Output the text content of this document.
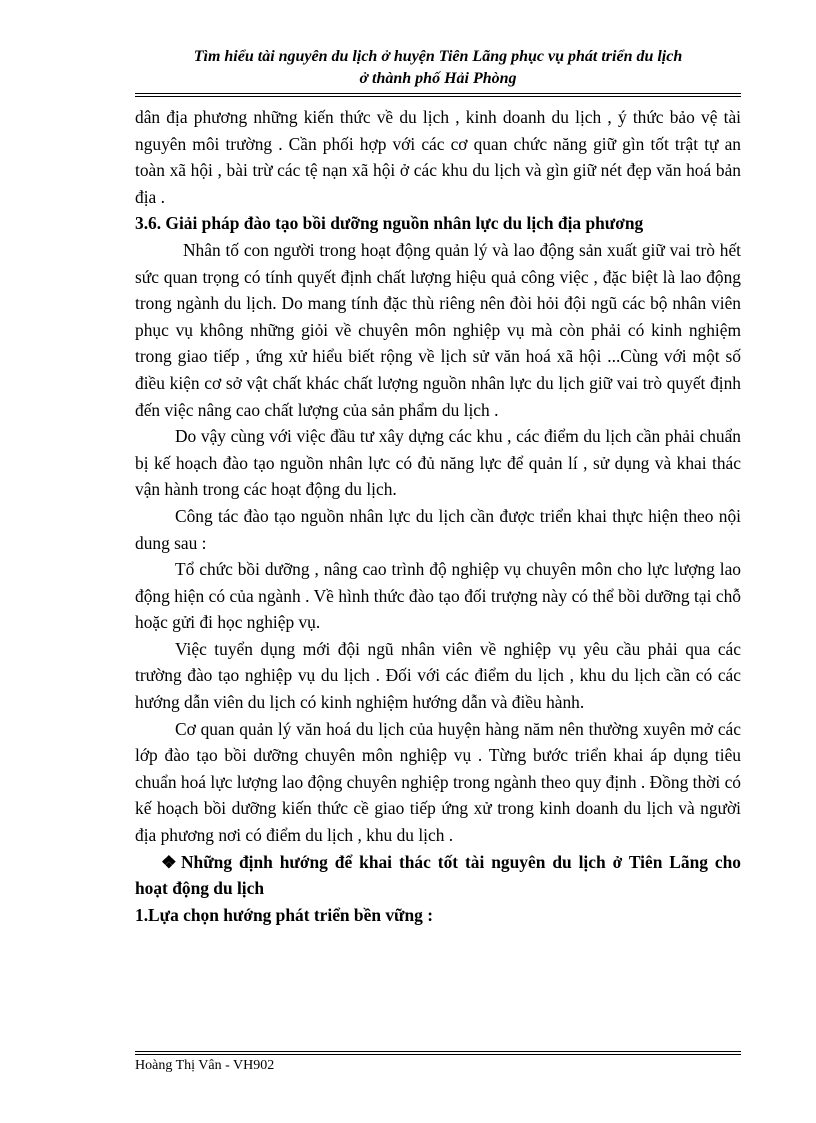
Tìm hiểu tài nguyên du lịch ở huyện Tiên Lãng phục vụ phát triển du lịch
ở thành phố Hải Phòng

dân địa phương những kiến thức về du lịch , kinh doanh du lịch , ý thức bảo vệ tài nguyên môi trường . Cần phối hợp với các cơ quan chức năng giữ gìn tốt trật tự an toàn xã hội , bài trừ các tệ nạn xã hội ở các khu du lịch và gìn giữ nét đẹp văn hoá bản địa .

3.6. Giải pháp đào tạo bồi dưỡng nguồn nhân lực du lịch địa phương

Nhân tố con người trong hoạt động quản lý và lao động sản xuất giữ vai trò hết sức quan trọng có tính quyết định chất lượng hiệu quả công việc , đặc biệt là lao động trong ngành du lịch. Do mang tính đặc thù riêng nên đòi hỏi đội ngũ các bộ nhân viên phục vụ không những giỏi về chuyên môn nghiệp vụ mà còn phải có kinh nghiệm trong giao tiếp , ứng xử hiểu biết rộng về lịch sử văn hoá xã hội ...Cùng với một số điều kiện cơ sở vật chất khác chất lượng nguồn nhân lực du lịch giữ vai trò quyết định đến việc nâng cao chất lượng của sản phẩm du lịch .

Do vậy cùng với việc đầu tư xây dựng các khu , các điểm du lịch cần phải chuẩn bị kế hoạch đào tạo nguồn nhân lực có đủ năng lực để quản lí , sử dụng và khai thác vận hành trong các hoạt động du lịch.

Công tác đào tạo nguồn nhân lực du lịch cần được triển khai thực hiện theo nội dung sau :

Tổ chức bồi dưỡng , nâng cao trình độ nghiệp vụ chuyên môn cho lực lượng lao động hiện có của ngành . Về hình thức đào tạo đối trượng này có thể bồi dưỡng tại chỗ hoặc gửi đi học nghiệp vụ.

Việc tuyển dụng mới đội ngũ nhân viên về nghiệp vụ yêu cầu phải qua các trường đào tạo nghiệp vụ du lịch . Đối với các điểm du lịch , khu du lịch cần có các hướng dẫn viên du lịch có kinh nghiệm hướng dẫn và điều hành.

Cơ quan quản lý văn hoá du lịch của huyện hàng năm nên thường xuyên mở các lớp đào tạo bồi dưỡng chuyên môn nghiệp vụ . Từng bước triển khai áp dụng tiêu chuẩn hoá lực lượng lao động chuyên nghiệp trong ngành theo quy định . Đồng thời có kế hoạch bồi dưỡng kiến thức cề giao tiếp ứng xử trong kinh doanh du lịch và người địa phương nơi có điểm du lịch , khu du lịch .

❖ Những định hướng để khai thác tốt tài nguyên du lịch ở Tiên Lãng cho hoạt động du lịch

1.Lựa chọn hướng phát triển bền vững :
Hoàng Thị Vân - VH902
